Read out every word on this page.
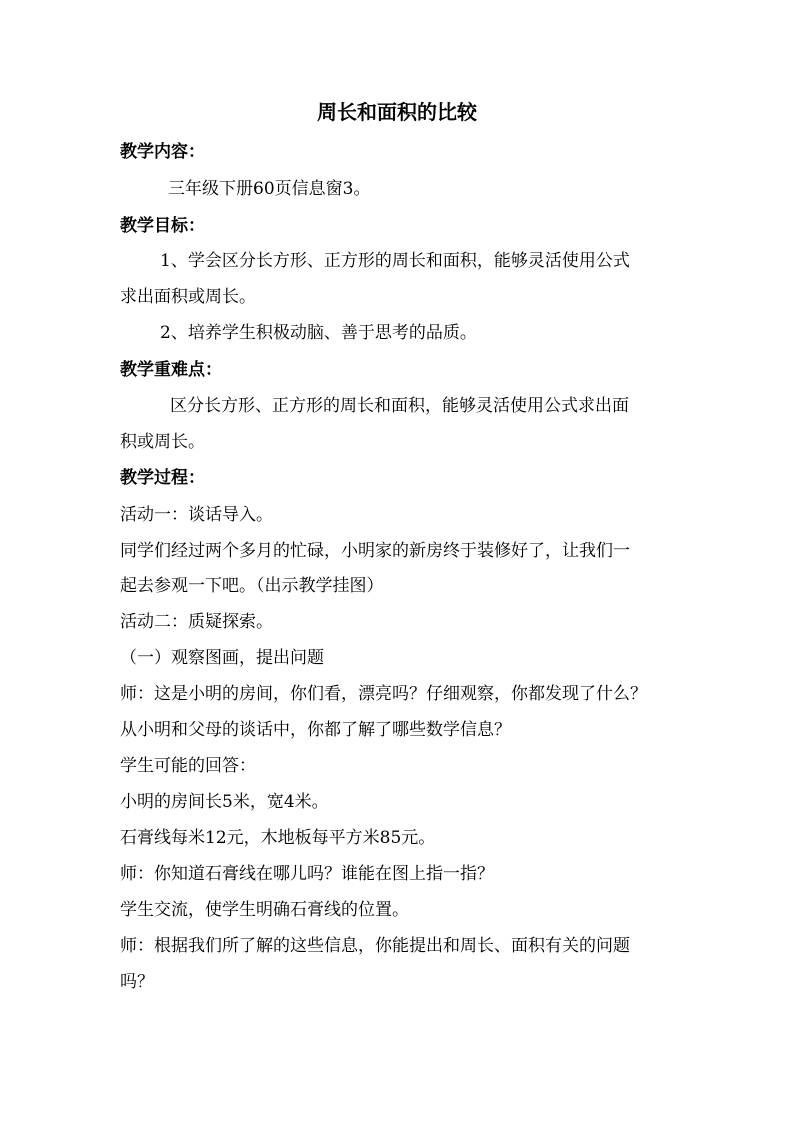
周长和面积的比较
教学内容：
三年级下册60页信息窗3。
教学目标：
1、学会区分长方形、正方形的周长和面积，能够灵活使用公式
求出面积或周长。
2、培养学生积极动脑、善于思考的品质。
教学重难点：
区分长方形、正方形的周长和面积，能够灵活使用公式求出面
积或周长。
教学过程：
活动一：谈话导入。
同学们经过两个多月的忙碌，小明家的新房终于装修好了，让我们一
起去参观一下吧。（出示教学挂图）
活动二：质疑探索。
（一）观察图画，提出问题
师：这是小明的房间，你们看，漂亮吗？仔细观察，你都发现了什么？
从小明和父母的谈话中，你都了解了哪些数学信息？
学生可能的回答：
小明的房间长5米，宽4米。
石膏线每米12元，木地板每平方米85元。
师：你知道石膏线在哪儿吗？谁能在图上指一指？
学生交流，使学生明确石膏线的位置。
师：根据我们所了解的这些信息，你能提出和周长、面积有关的问题
吗？
